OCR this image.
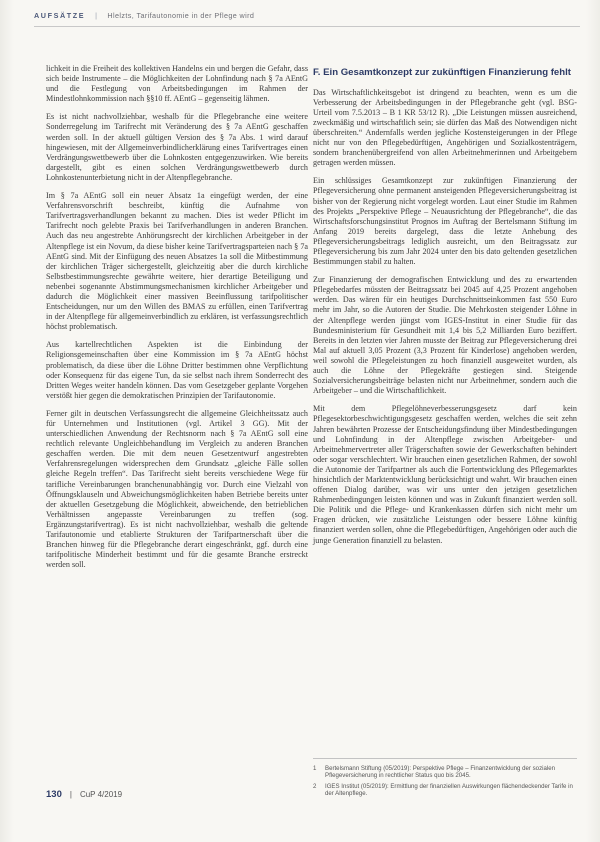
AUFSÄTZE | Hlelzts, Tarifautonomie in der Pflege wird

lichkeit in die Freiheit des kollektiven Handelns ein und bergen die Gefahr, dass sich beide Instrumente – die Möglichkeiten der Lohnfindung nach § 7a AEntG und die Festlegung von Arbeitsbedingungen im Rahmen der Mindestlohnkommission nach §§10 ff. AEntG – gegenseitig lähmen.

Es ist nicht nachvollziehbar, weshalb für die Pflegebranche eine weitere Sonderregelung im Tarifrecht mit Veränderung des § 7a AEntG geschaffen werden soll. In der aktuell gültigen Version des § 7a Abs. 1 wird darauf hingewiesen, mit der Allgemeinverbindlicherklärung eines Tarifvertrages einen Verdrängungswettbewerb über die Lohnkosten entgegenzuwirken. Wie bereits dargestellt, gibt es einen solchen Verdrängungswettbewerb durch Lohnkostenunterbietung nicht in der Altenpflegebranche.

Im § 7a AEntG soll ein neuer Absatz 1a eingefügt werden, der eine Verfahrensvorschrift beschreibt, künftig die Aufnahme von Tarifvertragsverhandlungen bekannt zu machen. Dies ist weder Pflicht im Tarifrecht noch gelebte Praxis bei Tarifverhandlungen in anderen Branchen. Auch das neu angestrebte Anhörungsrecht der kirchlichen Arbeitgeber in der Altenpflege ist ein Novum, da diese bisher keine Tarifvertragsparteien nach § 7a AEntG sind. Mit der Einfügung des neuen Absatzes 1a soll die Mitbestimmung der kirchlichen Träger sichergestellt, gleichzeitig aber die durch kirchliche Selbstbestimmungsrechte gewährte weitere, hier derartige Beteiligung und nebenbei sogenannte Abstimmungsmechanismen kirchlicher Arbeitgeber und dadurch die Möglichkeit einer massiven Beeinflussung tarifpolitischer Entscheidungen, nur um den Willen des BMAS zu erfüllen, einen Tarifvertrag in der Altenpflege für allgemeinverbindlich zu erklären, ist verfassungsrechtlich höchst problematisch.

Aus kartellrechtlichen Aspekten ist die Einbindung der Religionsgemeinschaften über eine Kommission im § 7a AEntG höchst problematisch, da diese über die Löhne Dritter bestimmen ohne Verpflichtung oder Konsequenz für das eigene Tun, da sie selbst nach ihrem Sonderrecht des Dritten Weges weiter handeln können. Das vom Gesetzgeber geplante Vorgehen verstößt hier gegen die demokratischen Prinzipien der Tarifautonomie.

Ferner gilt in deutschen Verfassungsrecht die allgemeine Gleichheitssatz auch für Unternehmen und Institutionen (vgl. Artikel 3 GG). Mit der unterschiedlichen Anwendung der Rechtsnorm nach § 7a AEntG soll eine rechtlich relevante Ungleichbehandlung im Vergleich zu anderen Branchen geschaffen werden. Die mit dem neuen Gesetzentwurf angestrebten Verfahrensregelungen widersprechen dem Grundsatz „gleiche Fälle sollen gleiche Regeln treffen“. Das Tarifrecht sieht bereits verschiedene Wege für tarifliche Vereinbarungen branchenunabhängig vor. Durch eine Vielzahl von Öffnungsklauseln und Abweichungsmöglichkeiten haben Betriebe bereits unter der aktuellen Gesetzgebung die Möglichkeit, abweichende, den betrieblichen Verhältnissen angepasste Vereinbarungen zu treffen (sog. Ergänzungstarifvertrag). Es ist nicht nachvollziehbar, weshalb die geltende Tarifautonomie und etablierte Strukturen der Tarifpartnerschaft über die Branchen hinweg für die Pflegebranche derart eingeschränkt, ggf. durch eine tarifpolitische Minderheit bestimmt und für die gesamte Branche erstreckt werden soll.

F. Ein Gesamtkonzept zur zukünftigen Finanzierung fehlt

Das Wirtschaftlichkeitsgebot ist dringend zu beachten, wenn es um die Verbesserung der Arbeitsbedingungen in der Pflegebranche geht (vgl. BSG-Urteil vom 7.5.2013 – B 1 KR 53/12 R). „Die Leistungen müssen ausreichend, zweckmäßig und wirtschaftlich sein; sie dürfen das Maß des Notwendigen nicht überschreiten.“ Andernfalls werden jegliche Kostensteigerungen in der Pflege nicht nur von den Pflegebedürftigen, Angehörigen und Sozialkostenträgern, sondern branchenübergreifend von allen Arbeitnehmerinnen und Arbeitgebern getragen werden müssen.

Ein schlüssiges Gesamtkonzept zur zukünftigen Finanzierung der Pflegeversicherung ohne permanent ansteigenden Pflegeversicherungsbeitrag ist bisher von der Regierung nicht vorgelegt worden. Laut einer Studie im Rahmen des Projekts „Perspektive Pflege – Neuausrichtung der Pflegebranche“, die das Wirtschaftsforschungsinstitut Prognos im Auftrag der Bertelsmann Stiftung im Anfang 2019 bereits dargelegt, dass die letzte Anhebung des Pflegeversicherungsbeitrags lediglich ausreicht, um den Beitragssatz zur Pflegeversicherung bis zum Jahr 2024 unter den bis dato geltenden gesetzlichen Bestimmungen stabil zu halten.

Zur Finanzierung der demografischen Entwicklung und des zu erwartenden Pflegebedarfes müssten der Beitragssatz bei 2045 auf 4,25 Prozent angehoben werden. Das wären für ein heutiges Durchschnittseinkommen fast 550 Euro mehr im Jahr, so die Autoren der Studie. Die Mehrkosten steigender Löhne in der Altenpflege werden jüngst vom IGES-Institut in einer Studie für das Bundesministerium für Gesundheit mit 1,4 bis 5,2 Milliarden Euro beziffert. Bereits in den letzten vier Jahren musste der Beitrag zur Pflegeversicherung drei Mal auf aktuell 3,05 Prozent (3,3 Prozent für Kinderlose) angehoben werden, weil sowohl die Pflegeleistungen zu hoch finanziell ausgeweitet wurden, als auch die Löhne der Pflegekräfte gestiegen sind. Steigende Sozialversicherungsbeiträge belasten nicht nur Arbeitnehmer, sondern auch die Arbeitgeber – und die Wirtschaftlichkeit.

Mit dem Pflegelöhneverbesserungsgesetz darf kein Pflegesektorbeschwichtigungsgesetz geschaffen werden, welches die seit zehn Jahren bewährten Prozesse der Entscheidungsfindung über Mindestbedingungen und Lohnfindung in der Altenpflege zwischen Arbeitgeber- und Arbeitnehmervertreter aller Trägerschaften sowie der Gewerkschaften behindert oder sogar verschlechtert. Wir brauchen einen gesetzlichen Rahmen, der sowohl die Autonomie der Tarifpartner als auch die Fortentwicklung des Pflegemarktes hinsichtlich der Marktentwicklung berücksichtigt und wahrt. Wir brauchen einen offenen Dialog darüber, was wir uns unter den jetzigen gesetzlichen Rahmenbedingungen leisten können und was in Zukunft finanziert werden soll. Die Politik und die Pflege- und Krankenkassen dürfen sich nicht mehr um Fragen drücken, wie zusätzliche Leistungen oder bessere Löhne künftig finanziert werden sollen, ohne die Pflegebedürftigen, Angehörigen oder auch die junge Generation finanziell zu belasten.

1	Bertelsmann Stiftung (05/2019): Perspektive Pflege – Finanzentwicklung der sozialen Pflegeversicherung in rechtlicher Status quo bis 2045.
2	IGES Institut (05/2019): Ermittlung der finanziellen Auswirkungen flächendeckender Tarife in der Altenpflege.
130 | CuP 4/2019
